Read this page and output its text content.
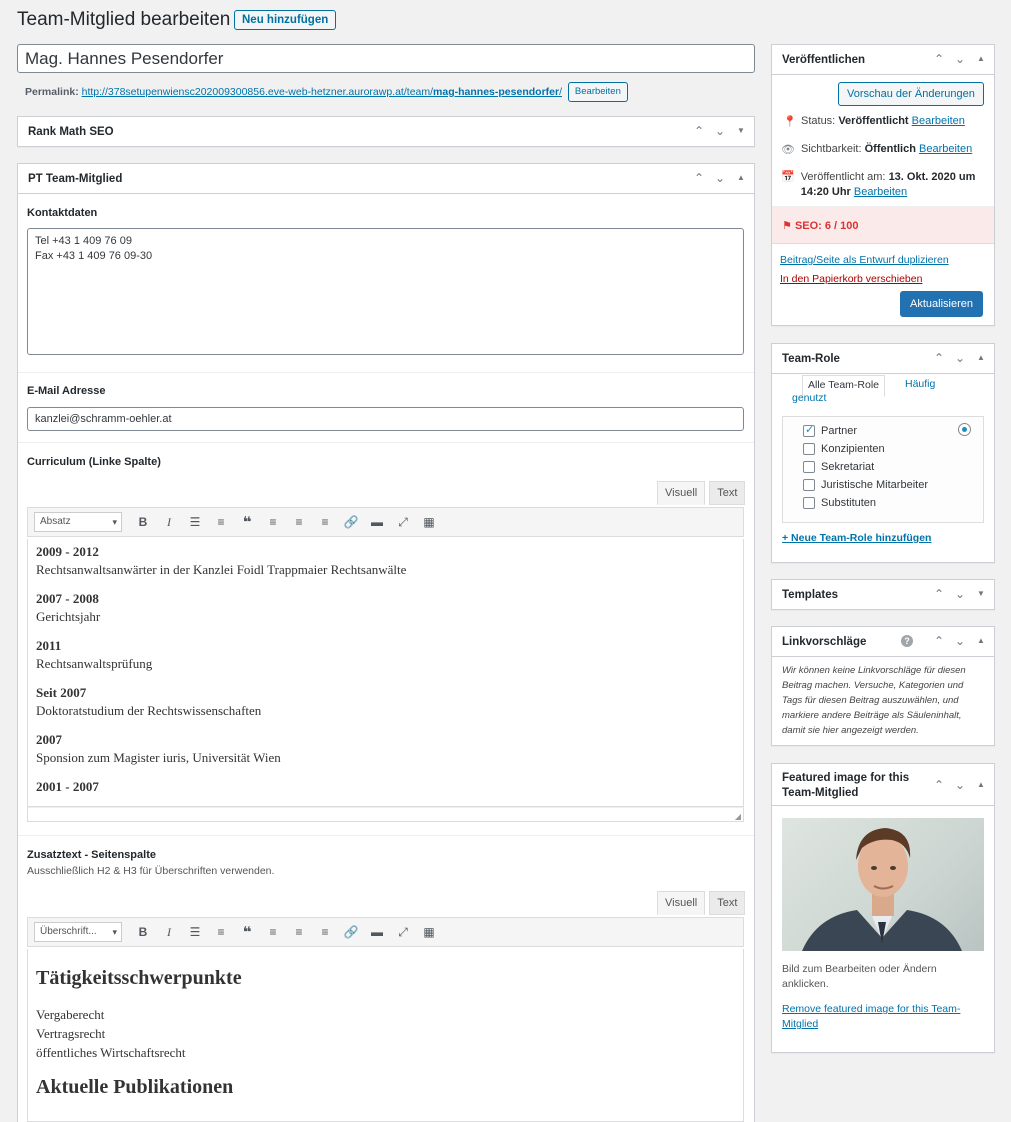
Team-Mitglied bearbeiten	Neu hinzufügen
Mag. Hannes Pesendorfer
Permalink: http://378setupenwiensc202009300856.eve-web-hetzner.aurorawp.at/team/mag-hannes-pesendorfer/ Bearbeiten
Rank Math SEO	⌃ ⌄	▼
PT Team-Mitglied	⌃ ⌄	▲
Kontaktdaten
Tel +43 1 409 76 09
Fax +43 1 409 76 09-30
E-Mail Adresse
kanzlei@schramm-oehler.at
Curriculum (Linke Spalte)
Visuell	Text
Absatz ▾	B	I	☰	≡	❝	≡	≡	≡	🔗	▬	⤢	▦
2009 - 2012
Rechtsanwaltsanwärter in der Kanzlei Foidl Trappmaier Rechtsanwälte
2007 - 2008
Gerichtsjahr
2011
Rechtsanwaltsprüfung
Seit 2007
Doktoratstudium der Rechtswissenschaften
2007
Sponsion zum Magister iuris, Universität Wien
2001 - 2007
◢
Zusatztext - Seitenspalte
Ausschließlich H2 & H3 für Überschriften verwenden.
Visuell	Text
Überschrift... ▾	B	I	☰	≡	❝	≡	≡	≡	🔗	▬	⤢	▦
Tätigkeitsschwerpunkte
Vergaberecht
Vertragsrecht
öffentliches Wirtschaftsrecht
Aktuelle Publikationen
Veröffentlichen	⌃ ⌄	▲
Vorschau der Änderungen
📍 Status: Veröffentlicht Bearbeiten
👁 Sichtbarkeit: Öffentlich Bearbeiten
📅 Veröffentlicht am: 13. Okt. 2020 um 14:20 Uhr Bearbeiten
⚑ SEO: 6 / 100
Beitrag/Seite als Entwurf duplizieren
In den Papierkorb verschieben
Aktualisieren
Team-Role	⌃ ⌄	▲
Alle Team-Role	Häufig genutzt
✓
Partner
Konzipienten
Sekretariat
Juristische Mitarbeiter
Substituten
+ Neue Team-Role hinzufügen
Templates	⌃ ⌄	▼
Linkvorschläge	? ⌃ ⌄	▲
Wir können keine Linkvorschläge für diesen Beitrag machen. Versuche, Kategorien und Tags für diesen Beitrag auszuwählen, und markiere andere Beiträge als Säuleninhalt, damit sie hier angezeigt werden.
Featured image for this Team-Mitglied
⌃ ⌄	▲
Bild zum Bearbeiten oder Ändern anklicken.
Remove featured image for this Team-Mitglied
